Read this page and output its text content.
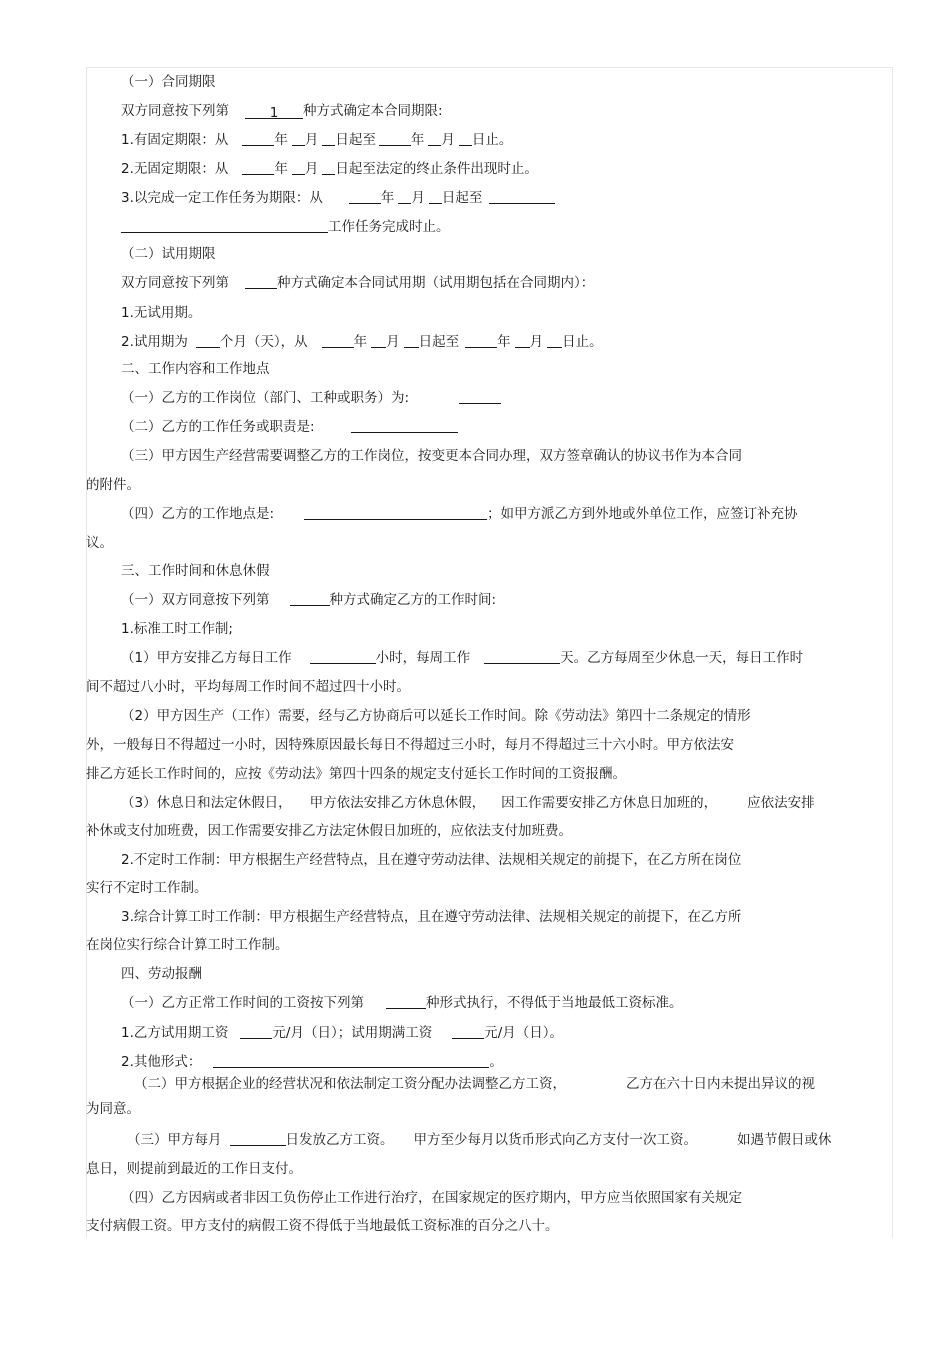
（一）合同期限
双方同意按下列第	1 种方式确定本合同期限:
1.有固定期限：从	年 月 日起至	年 月 日止。
2.无固定期限：从	年 月 日起至法定的终止条件出现时止。
3.以完成一定工作任务为期限：从	年 月 日起至
工作任务完成时止。
（二）试用期限
双方同意按下列第	种方式确定本合同试用期（试用期包括在合同期内）：
1.无试用期。
2.试用期为 个月（天），从	年 月 日起至	年 月 日止。
二、工作内容和工作地点
（一）乙方的工作岗位（部门、工种或职务）为:
（二）乙方的工作任务或职责是:
（三）甲方因生产经营需要调整乙方的工作岗位，按变更本合同办理，双方签章确认的协议书作为本合同
的附件。
（四）乙方的工作地点是:	；如甲方派乙方到外地或外单位工作，应签订补充协
议。
三、工作时间和休息休假
（一）双方同意按下列第	种方式确定乙方的工作时间:
1.标准工时工作制;
（1）甲方安排乙方每日工作	小时，每周工作	天。乙方每周至少休息一天，每日工作时
间不超过八小时，平均每周工作时间不超过四十小时。
（2）甲方因生产（工作）需要，经与乙方协商后可以延长工作时间。除《劳动法》第四十二条规定的情形
外，一般每日不得超过一小时，因特殊原因最长每日不得超过三小时，每月不得超过三十六小时。甲方依法安
排乙方延长工作时间的，应按《劳动法》第四十四条的规定支付延长工作时间的工资报酬。
（3）休息日和法定休假日， 甲方依法安排乙方休息休假， 因工作需要安排乙方休息日加班的， 应依法安排
补休或支付加班费，因工作需要安排乙方法定休假日加班的，应依法支付加班费。
2.不定时工作制：甲方根据生产经营特点，且在遵守劳动法律、法规相关规定的前提下，在乙方所在岗位
实行不定时工作制。
3.综合计算工时工作制：甲方根据生产经营特点，且在遵守劳动法律、法规相关规定的前提下，在乙方所
在岗位实行综合计算工时工作制。
四、劳动报酬
（一）乙方正常工作时间的工资按下列第	种形式执行，不得低于当地最低工资标准。
1.乙方试用期工资	元/月（日）；试用期满工资	元/月（日）。
2.其他形式：	。
（二）甲方根据企业的经营状况和依法制定工资分配办法调整乙方工资，	乙方在六十日内未提出异议的视
为同意。
（三）甲方每月	日发放乙方工资。 甲方至少每月以货币形式向乙方支付一次工资。	如遇节假日或休
息日，则提前到最近的工作日支付。
（四）乙方因病或者非因工负伤停止工作进行治疗，在国家规定的医疗期内，甲方应当依照国家有关规定
支付病假工资。甲方支付的病假工资不得低于当地最低工资标准的百分之八十。
